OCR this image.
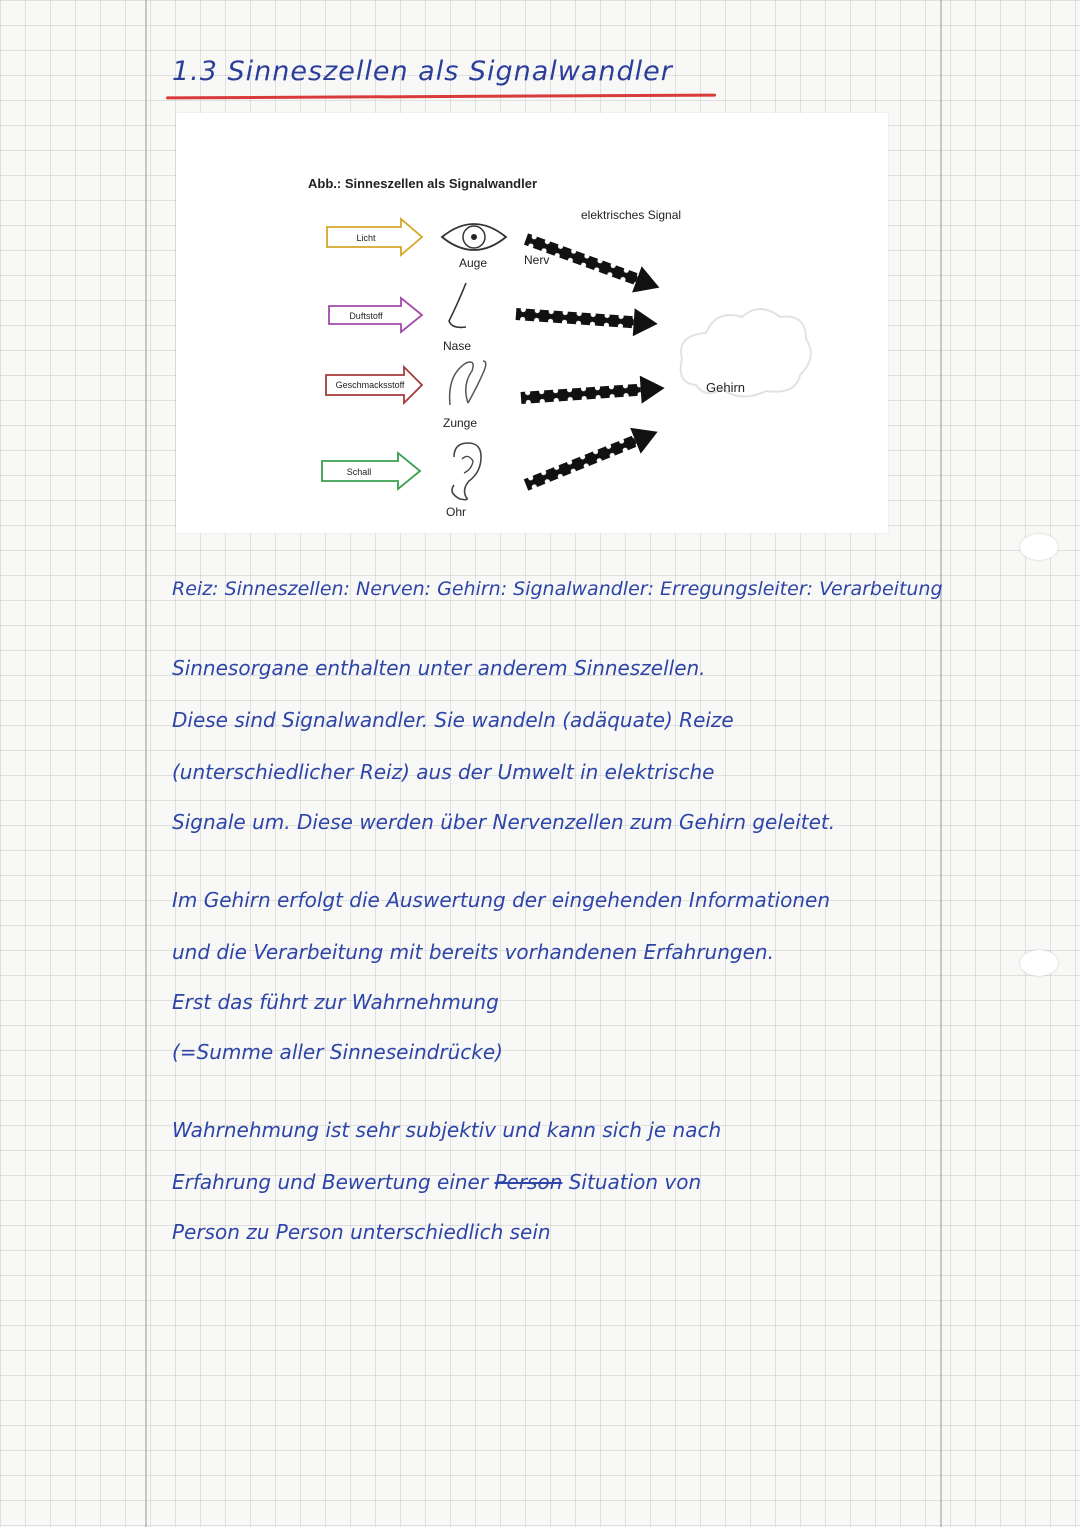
1.3 Sinneszellen als Signalwandler
Abb.: Sinneszellen als Signalwandler
elektrisches Signal
Nerv
Licht
Duftstoff
Geschmacksstoff
Schall
Auge
Nase
Zunge
Ohr
Gehirn

Reiz: Sinneszellen: Nerven: Gehirn: Signalwandler: Erregungsleiter: Verarbeitung

Sinnesorgane enthalten unter anderem Sinneszellen.

Diese sind Signalwandler. Sie wandeln (adäquate) Reize

(unterschiedlicher Reiz) aus der Umwelt in elektrische

Signale um. Diese werden über Nervenzellen zum Gehirn geleitet.

Im Gehirn erfolgt die Auswertung der eingehenden Informationen

und die Verarbeitung mit bereits vorhandenen Erfahrungen.

Erst das führt zur Wahrnehmung

(=Summe aller Sinneseindrücke)

Wahrnehmung ist sehr subjektiv und kann sich je nach

Erfahrung und Bewertung einer Person Situation von

Person zu Person unterschiedlich sein
